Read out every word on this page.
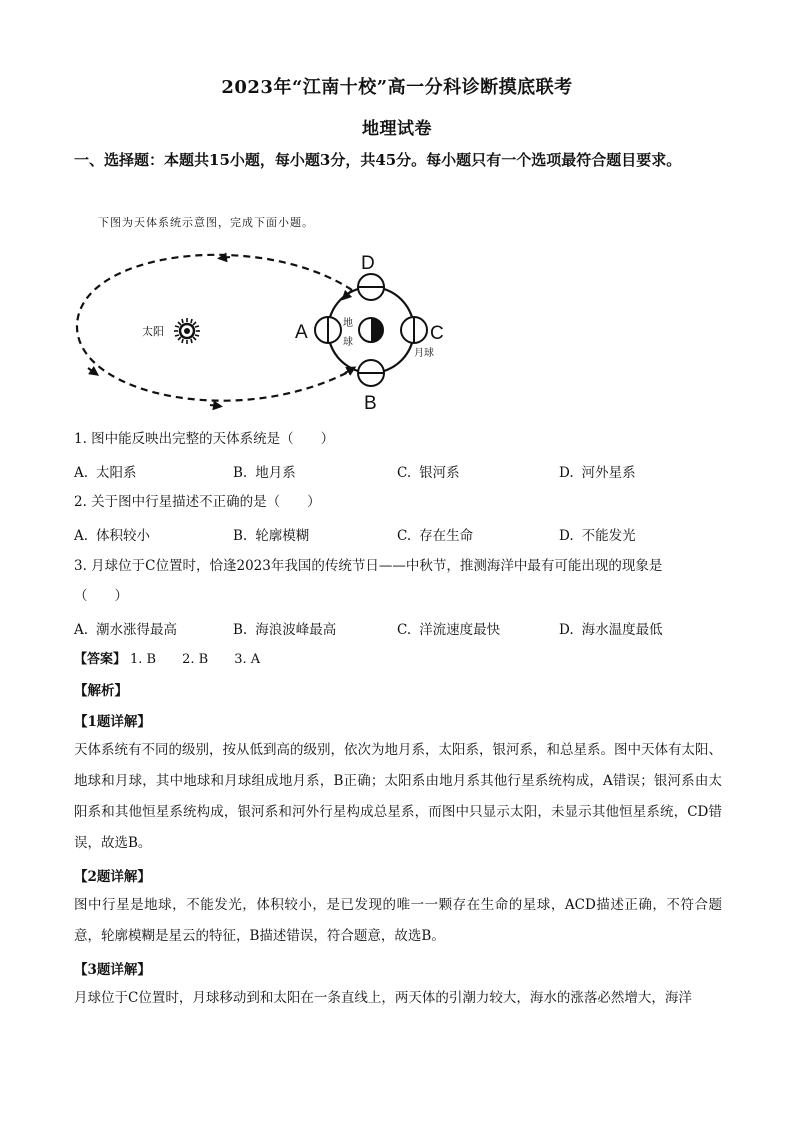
2023年“江南十校”高一分科诊断摸底联考
地理试卷
一、选择题：本题共15小题，每小题3分，共45分。每小题只有一个选项最符合题目要求。
下图为天体系统示意图，完成下面小题。
太阳
地
球
D
B
A	C
月球
1. 图中能反映出完整的天体系统是（　　）
A. 太阳系	B. 地月系	C. 银河系	D. 河外星系
2. 关于图中行星描述不正确的是（　　）
A. 体积较小	B. 轮廓模糊	C. 存在生命	D. 不能发光
3. 月球位于C位置时，恰逢2023年我国的传统节日——中秋节，推测海洋中最有可能出现的现象是
（　　）
A. 潮水涨得最高	B. 海浪波峰最高	C. 洋流速度最快	D. 海水温度最低
【答案】 1. B 2. B 3. A
【解析】
【1题详解】
天体系统有不同的级别，按从低到高的级别，依次为地月系，太阳系，银河系，和总星系。图中天体有太阳、地球和月球，其中地球和月球组成地月系，B正确；太阳系由地月系其他行星系统构成，A错误；银河系由太阳系和其他恒星系统构成，银河系和河外行星构成总星系，而图中只显示太阳，未显示其他恒星系统，CD错误，故选B。
【2题详解】
图中行星是地球，不能发光，体积较小，是已发现的唯一一颗存在生命的星球，ACD描述正确，不符合题意，轮廓模糊是星云的特征，B描述错误，符合题意，故选B。
【3题详解】
月球位于C位置时，月球移动到和太阳在一条直线上，两天体的引潮力较大，海水的涨落必然增大，海洋
